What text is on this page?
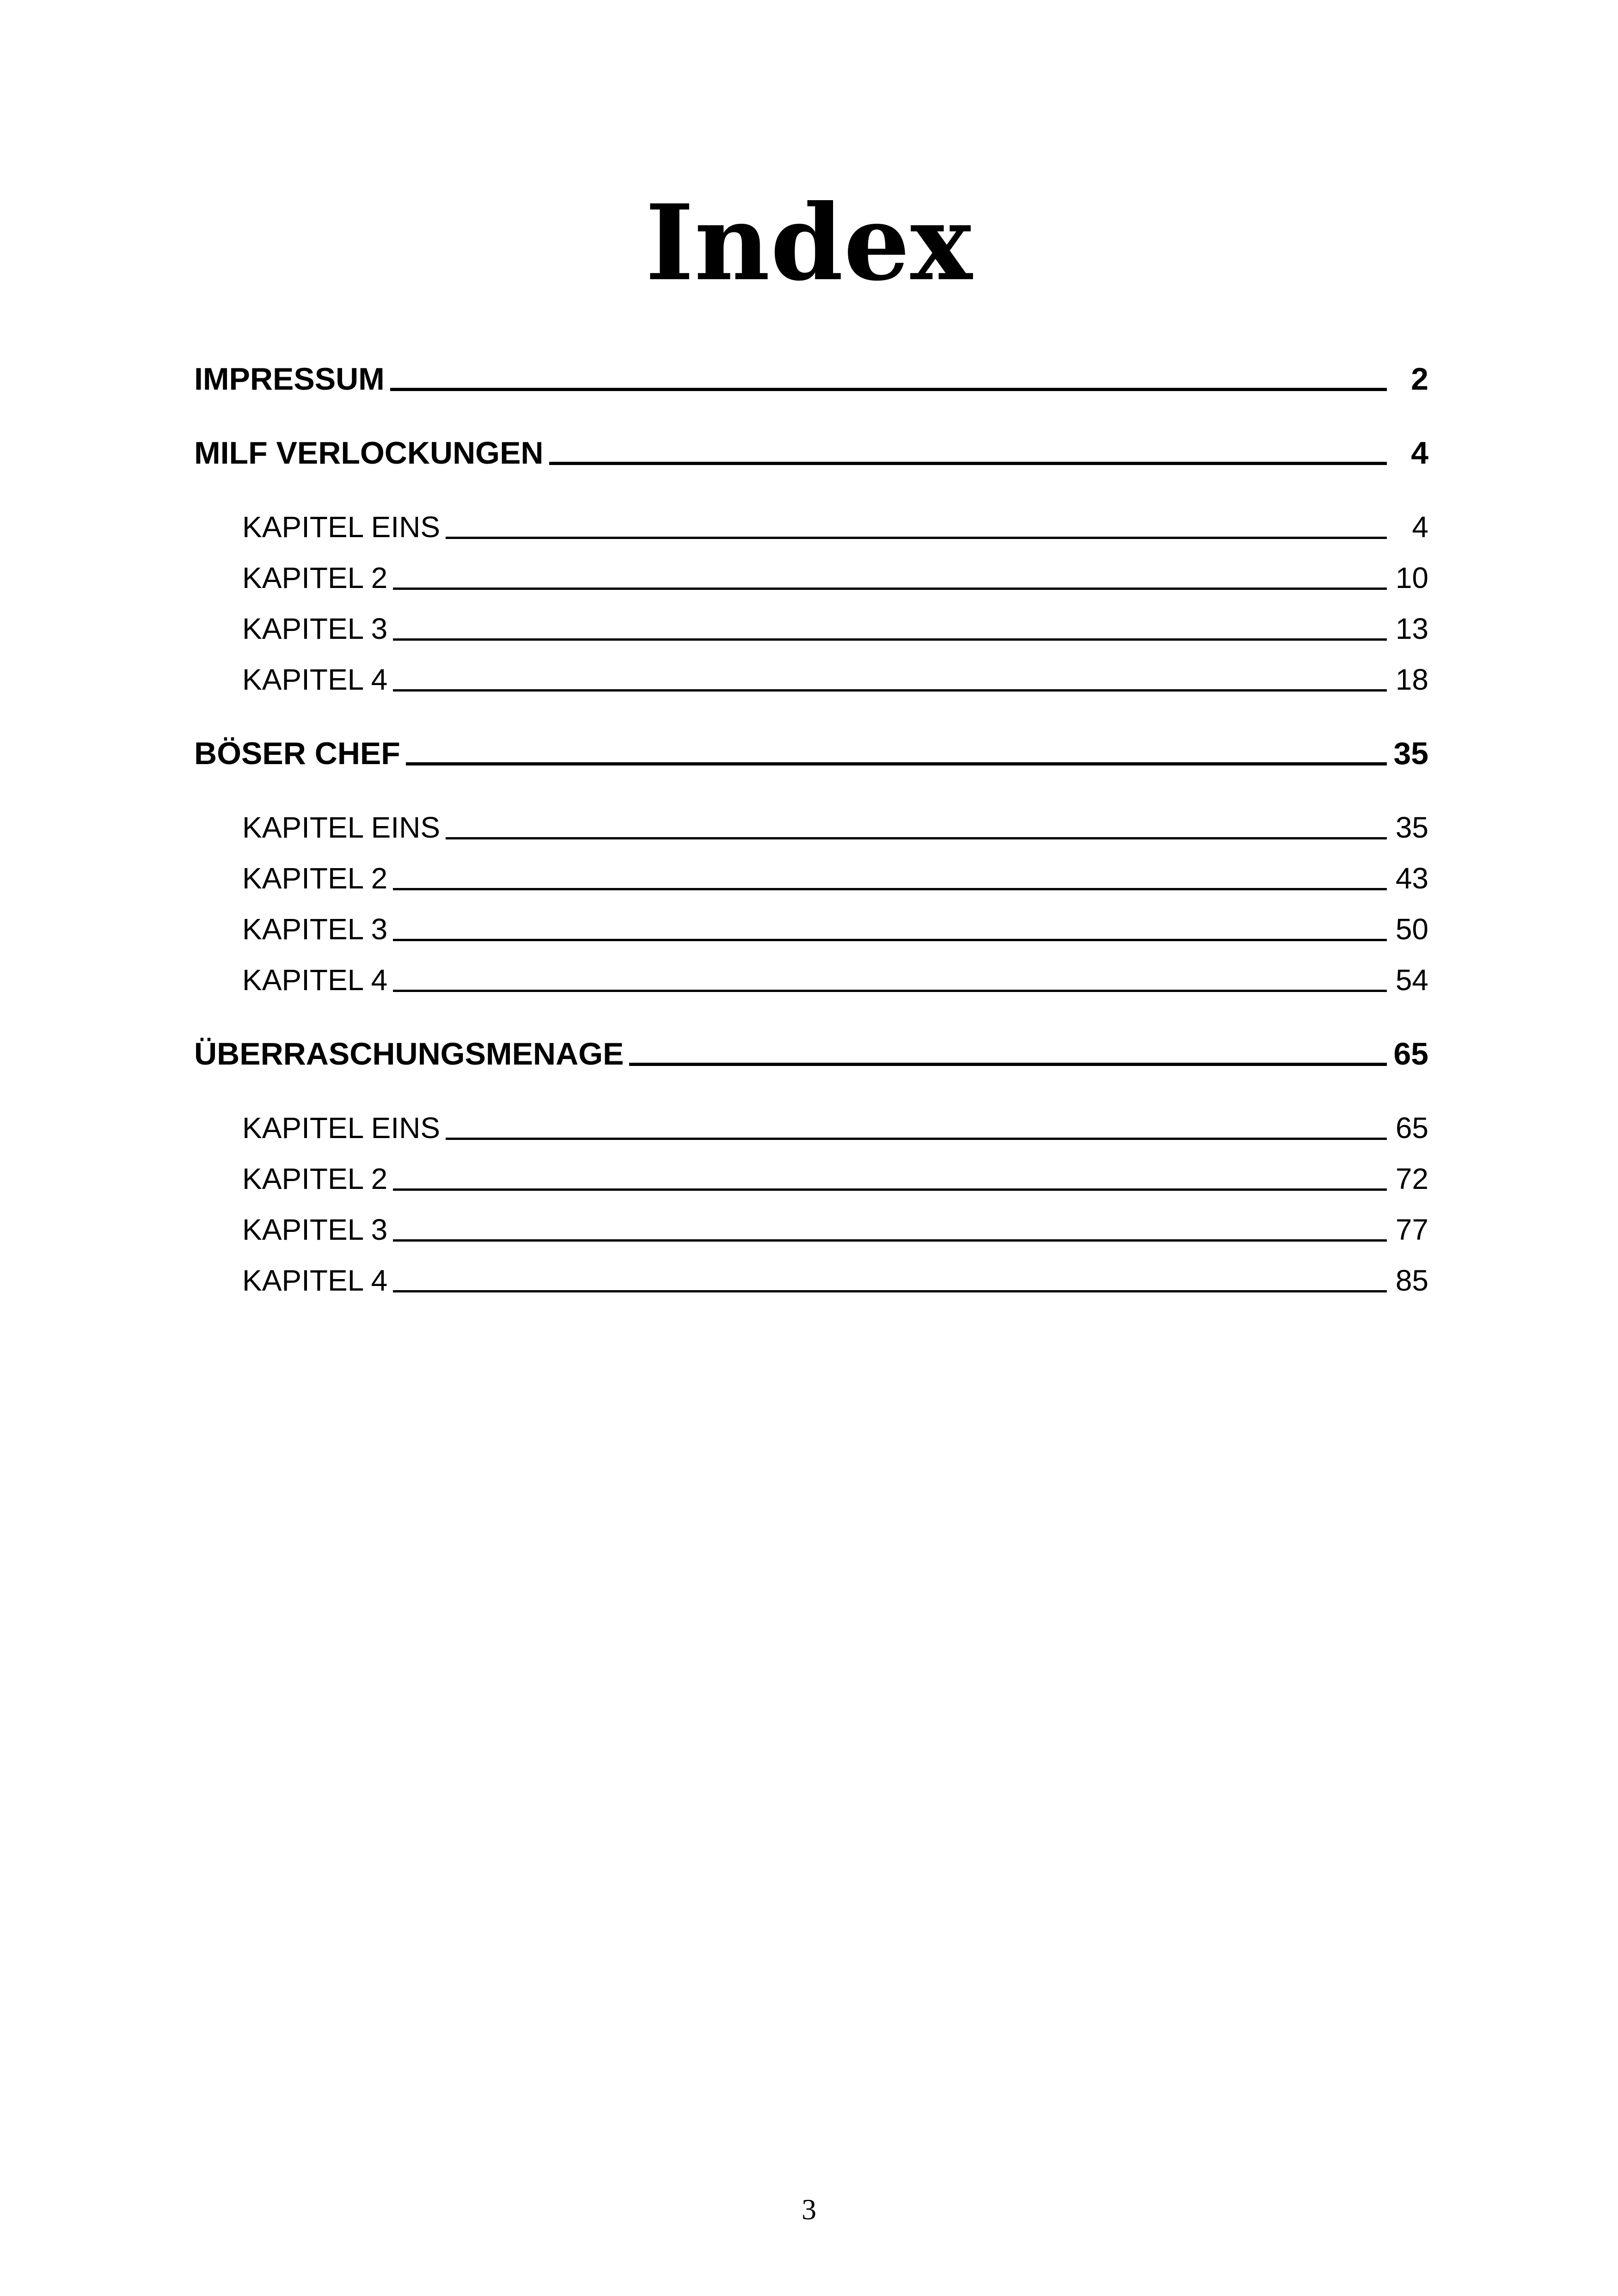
Index
IMPRESSUM	2
MILF VERLOCKUNGEN	4
KAPITEL EINS	4
KAPITEL 2	10
KAPITEL 3	13
KAPITEL 4	18
BÖSER CHEF	35
KAPITEL EINS	35
KAPITEL 2	43
KAPITEL 3	50
KAPITEL 4	54
ÜBERRASCHUNGSMENAGE	65
KAPITEL EINS	65
KAPITEL 2	72
KAPITEL 3	77
KAPITEL 4	85
3
